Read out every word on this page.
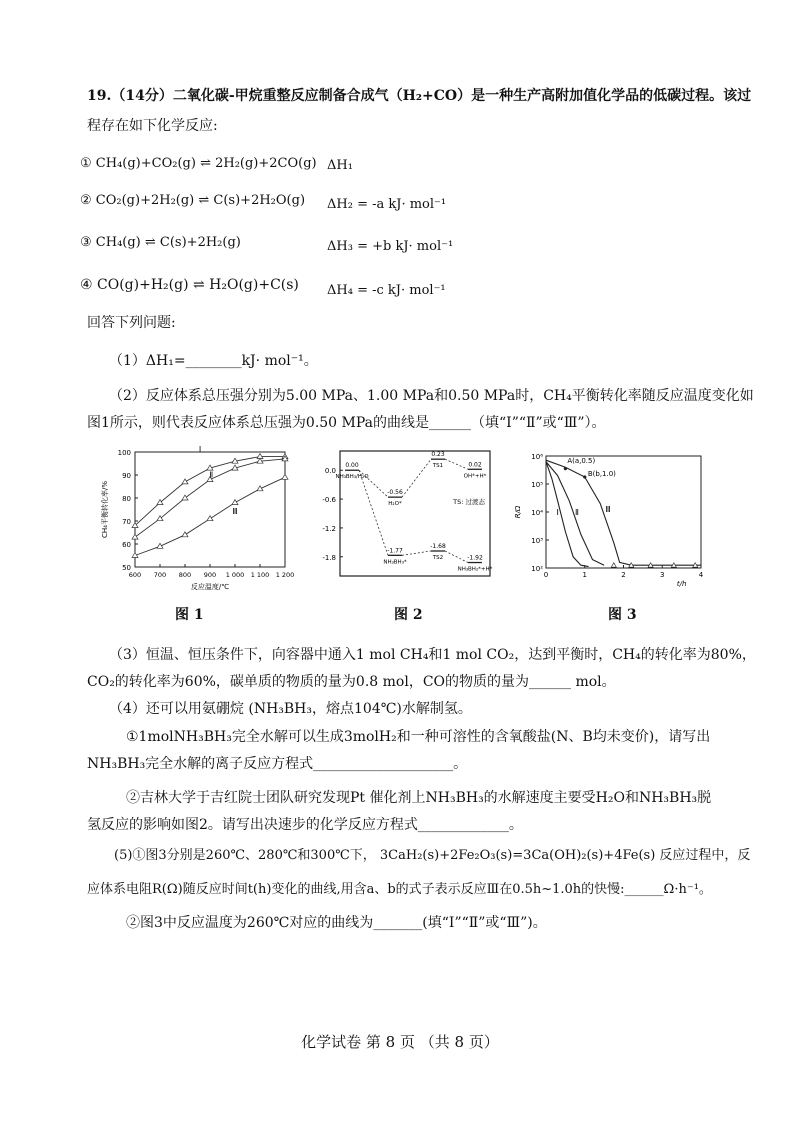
19.（14分）二氧化碳-甲烷重整反应制备合成气（H₂+CO）是一种生产高附加值化学品的低碳过程。该过
程存在如下化学反应:
① CH₄(g)+CO₂(g) ⇌ 2H₂(g)+2CO(g) ΔH₁
② CO₂(g)+2H₂(g) ⇌ C(s)+2H₂O(g) ΔH₂ = -a kJ· mol⁻¹
③ CH₄(g) ⇌ C(s)+2H₂(g)	ΔH₃ = +b kJ· mol⁻¹
④ CO(g)+H₂(g) ⇌ H₂O(g)+C(s) ΔH₄ = -c kJ· mol⁻¹
回答下列问题:
（1）ΔH₁=________kJ· mol⁻¹。
（2）反应体系总压强分别为5.00 MPa、1.00 MPa和0.50 MPa时，CH₄平衡转化率随反应温度变化如
图1所示，则代表反应体系总压强为0.50 MPa的曲线是______（填“Ⅰ”“Ⅱ”或“Ⅲ”）。
50
60
70
80
90
100
600 700 800 900 1 000 1 100 1 200
反应温度/℃
CH₄平衡转化率/%
Ⅰ
Ⅱ
Ⅲ
图 1
0.0
-0.6
-1.2
-1.8
0.00
NH₃BH₃/H₂O
-0.56
H₂O*
0.23
TS1	0.02
OH*+H*
-1.77
NH₃BH₃*
-1.68
TS2	-1.92
NH₃BH₂*+H*
TS: 过渡态
图 2
10²
10³
10⁴
10⁵
10⁶
0	1	2	3	4
t/h
R/Ω	Ⅰ Ⅱ	Ⅲ
A(a,0.5)
B(b,1.0)
图 3
（3）恒温、恒压条件下，向容器中通入1 mol CH₄和1 mol CO₂，达到平衡时，CH₄的转化率为80%，
CO₂的转化率为60%，碳单质的物质的量为0.8 mol，CO的物质的量为______ mol。
（4）还可以用氨硼烷 (NH₃BH₃，熔点104℃)水解制氢。
①1molNH₃BH₃完全水解可以生成3molH₂和一种可溶性的含氧酸盐(N、B均未变价)，请写出
NH₃BH₃完全水解的离子反应方程式____________________。
②吉林大学于吉红院士团队研究发现Pt 催化剂上NH₃BH₃的水解速度主要受H₂O和NH₃BH₃脱
氢反应的影响如图2。请写出决速步的化学反应方程式_____________。
(5)①图3分别是260℃、280℃和300℃下， 3CaH₂(s)+2Fe₂O₃(s)=3Ca(OH)₂(s)+4Fe(s) 反应过程中，反
应体系电阻R(Ω)随反应时间t(h)变化的曲线,用含a、b的式子表示反应Ⅲ在0.5h~1.0h的快慢:______Ω·h⁻¹。
②图3中反应温度为260℃对应的曲线为_______(填“Ⅰ”“Ⅱ”或“Ⅲ”)。
化学试卷 第 8 页 （共 8 页）
